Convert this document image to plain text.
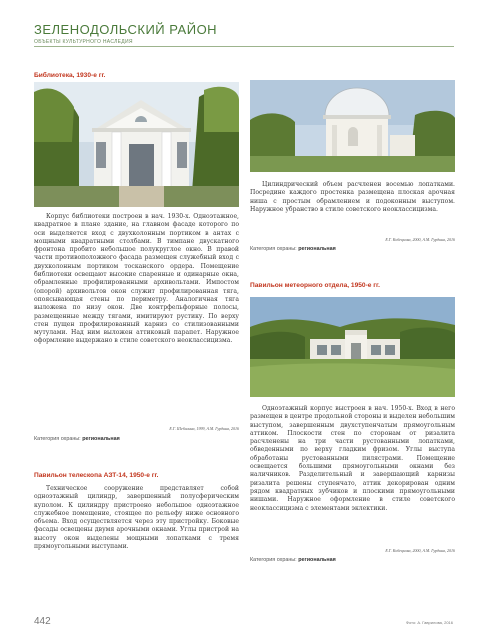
ЗЕЛЕНОДОЛЬСКИЙ РАЙОН
ОБЪЕКТЫ КУЛЬТУРНОГО НАСЛЕДИЯ
Библиотека, 1930-е гг.
Корпус библиотеки построен в нач. 1930-х. Одноэтажное, квадратное в плане здание, на главном фасаде которого по оси выделяется вход с двухколонным портиком в антах с мощными квадратными столбами. В тимпане двускатного фронтона пробито небольшое полукруглое окно. В правой части противоположного фасада размещен служебный вход с двухколонным портиком тосканского ордера. Помещение библиотеки освещают высокие спаренные и одинарные окна, обрамленные профилированными архивольтами. Импостом (опорой) архивольтов окон служит профилированная тяга, опоясывающая стены по периметру. Аналогичная тяга выложена по низу окон. Две контрфельфорные полосы, размещенные между тягами, имитируют рустику. По верху стен пущен профилированный карниз со стилизованными мутулами. Над ним выложен аттиковый парапет. Наружное оформление выдержано в стиле советского неоклассицизма.
Е.Г. Шебалина, 1999, А.М. Гурдина, 2016
Категория охраны: региональная
Павильон телескопа АЗТ-14, 1950-е гг.
Техническое сооружение представляет собой одноэтажный цилиндр, завершенный полусферическим куполом. К цилиндру пристроено небольшое одноэтажное служебное помещение, стоящее по рельефу ниже основного объема. Вход осуществляется через эту пристройку. Боковые фасады освещены двумя арочными окнами. Углы пристрой на высоту окон выделены мощными лопатками с тремя прямоугольными выступами.
Цилиндрический объем расчленен восемью лопатками. Посредине каждого простенка размещена плоская арочная ниша с простым обрамлением и подоконным выступом. Наружное убранство в стиле советского неоклассицизма.
Е.Г. Кобецкова, 2000, А.М. Гурдина, 2016
Категория охраны: региональная
Павильон метеорного отдела, 1950-е гг.
Одноэтажный корпус выстроен в нач. 1950-х. Вход в него размещен в центре продольной стороны и выделен небольшим выступом, завершенным двухступенчатым прямоугольным аттиком. Плоскости стен по сторонам от ризалита расчленены на три части рустованными лопатками, обведенными по верху гладким фризом. Углы выступа обработаны рустованными пилястрами. Помещение освещается большими прямоугольными окнами без наличников. Разделительный и завершающий карнизы ризалита решены ступенчато, аттик декорирован одним рядом квадратных зубчиков и плоскими прямоугольными нишами. Наружное оформление в стиле советского неоклассицизма с элементами эклектики.
Е.Г. Кобецкова, 2000, А.М. Гурдина, 2016
Категория охраны: региональная
442	Фото: А. Гаврилова, 2016
